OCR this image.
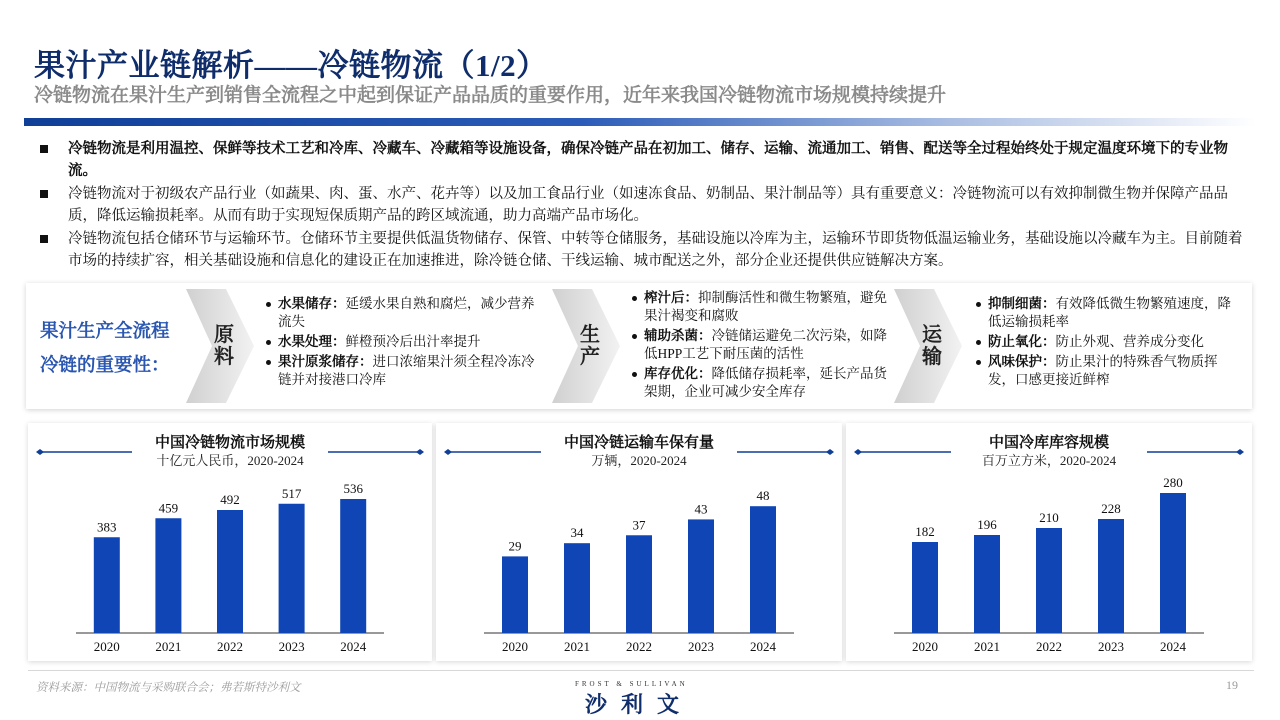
果汁产业链解析——冷链物流（1/2）
冷链物流在果汁生产到销售全流程之中起到保证产品品质的重要作用，近年来我国冷链物流市场规模持续提升
冷链物流是利用温控、保鲜等技术工艺和冷库、冷藏车、冷藏箱等设施设备，确保冷链产品在初加工、储存、运输、流通加工、销售、配送等全过程始终处于规定温度环境下的专业物流。
冷链物流对于初级农产品行业（如蔬果、肉、蛋、水产、花卉等）以及加工食品行业（如速冻食品、奶制品、果汁制品等）具有重要意义：冷链物流可以有效抑制微生物并保障产品品质，降低运输损耗率。从而有助于实现短保质期产品的跨区域流通，助力高端产品市场化。
冷链物流包括仓储环节与运输环节。仓储环节主要提供低温货物储存、保管、中转等仓储服务，基础设施以冷库为主，运输环节即货物低温运输业务，基础设施以冷藏车为主。目前随着市场的持续扩容，相关基础设施和信息化的建设正在加速推进，除冷链仓储、干线运输、城市配送之外，部分企业还提供供应链解决方案。
果汁生产全流程
冷链的重要性：
原料
水果储存：延缓水果自熟和腐烂，减少营养流失
水果处理：鲜橙预冷后出汁率提升
果汁原浆储存：进口浓缩果汁须全程冷冻冷链并对接港口冷库
生产
榨汁后：抑制酶活性和微生物繁殖，避免果汁褐变和腐败
辅助杀菌：冷链储运避免二次污染，如降低HPP工艺下耐压菌的活性
库存优化：降低储存损耗率，延长产品货架期，企业可减少安全库存
运输
抑制细菌：有效降低微生物繁殖速度，降低运输损耗率
防止氧化：防止外观、营养成分变化
风味保护：防止果汁的特殊香气物质挥发，口感更接近鲜榨
中国冷链物流市场规模
十亿元人民币，2020-2024
383
2020
459
2021
492
2022
517
2023
536
2024
中国冷链运输车保有量
万辆，2020-2024
29
2020
34
2021
37
2022
43
2023
48
2024
中国冷库库容规模
百万立方米，2020-2024
182
2020
196
2021
210
2022
228
2023
280
2024
资料来源：中国物流与采购联合会；弗若斯特沙利文	FROST & SULLIVAN
沙利文
19
